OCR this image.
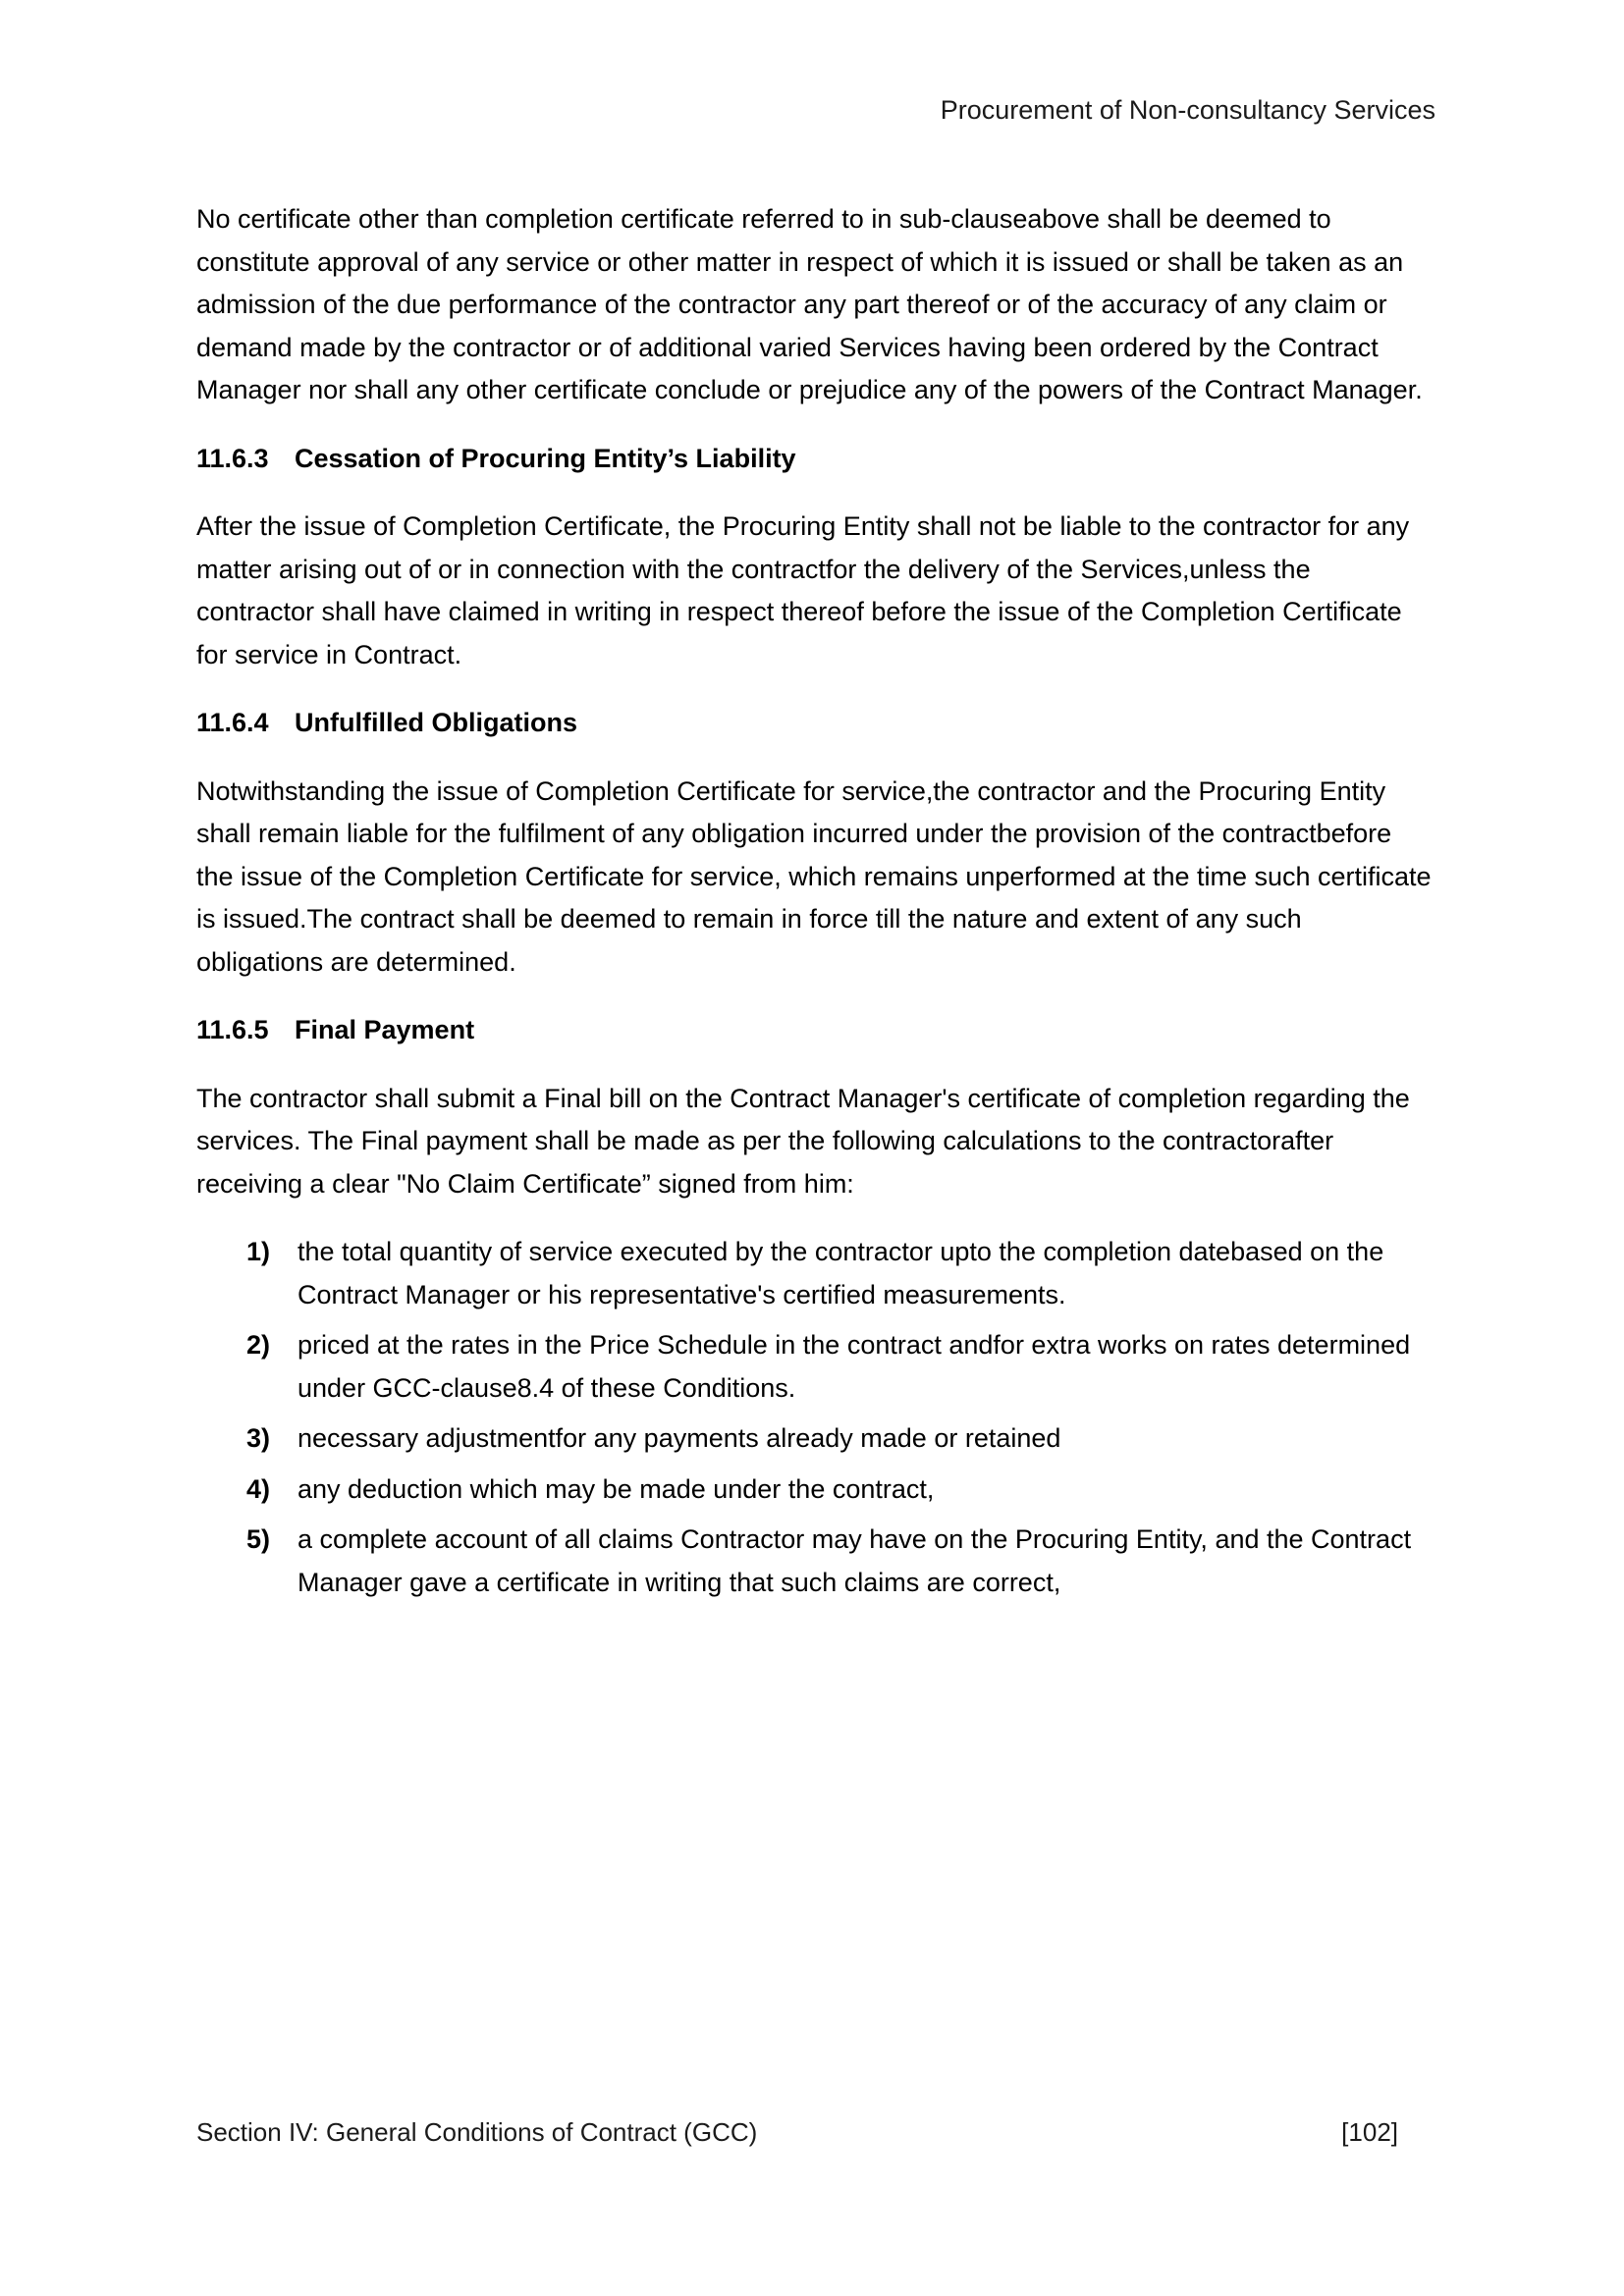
Procurement of Non-consultancy Services

No certificate other than completion certificate referred to in sub-clauseabove shall be deemed to constitute approval of any service or other matter in respect of which it is issued or shall be taken as an admission of the due performance of the contractor any part thereof or of the accuracy of any claim or demand made by the contractor or of additional varied Services having been ordered by the Contract Manager nor shall any other certificate conclude or prejudice any of the powers of the Contract Manager.

11.6.3 Cessation of Procuring Entity’s Liability

After the issue of Completion Certificate, the Procuring Entity shall not be liable to the contractor for any matter arising out of or in connection with the contractfor the delivery of the Services,unless the contractor shall have claimed in writing in respect thereof before the issue of the Completion Certificate for service in Contract.

11.6.4 Unfulfilled Obligations

Notwithstanding the issue of Completion Certificate for service,the contractor and the Procuring Entity shall remain liable for the fulfilment of any obligation incurred under the provision of the contractbefore the issue of the Completion Certificate for service, which remains unperformed at the time such certificate is issued.The contract shall be deemed to remain in force till the nature and extent of any such obligations are determined.

11.6.5 Final Payment

The contractor shall submit a Final bill on the Contract Manager's certificate of completion regarding the services. The Final payment shall be made as per the following calculations to the contractorafter receiving a clear "No Claim Certificate” signed from him:

1)	the total quantity of service executed by the contractor upto the completion datebased on the Contract Manager or his representative's certified measurements.
2)	priced at the rates in the Price Schedule in the contract andfor extra works on rates determined under GCC-clause8.4 of these Conditions.
3)	necessary adjustmentfor any payments already made or retained
4)	any deduction which may be made under the contract,
5)	a complete account of all claims Contractor may have on the Procuring Entity, and the Contract Manager gave a certificate in writing that such claims are correct,
Section IV: General Conditions of Contract (GCC)	[102]
